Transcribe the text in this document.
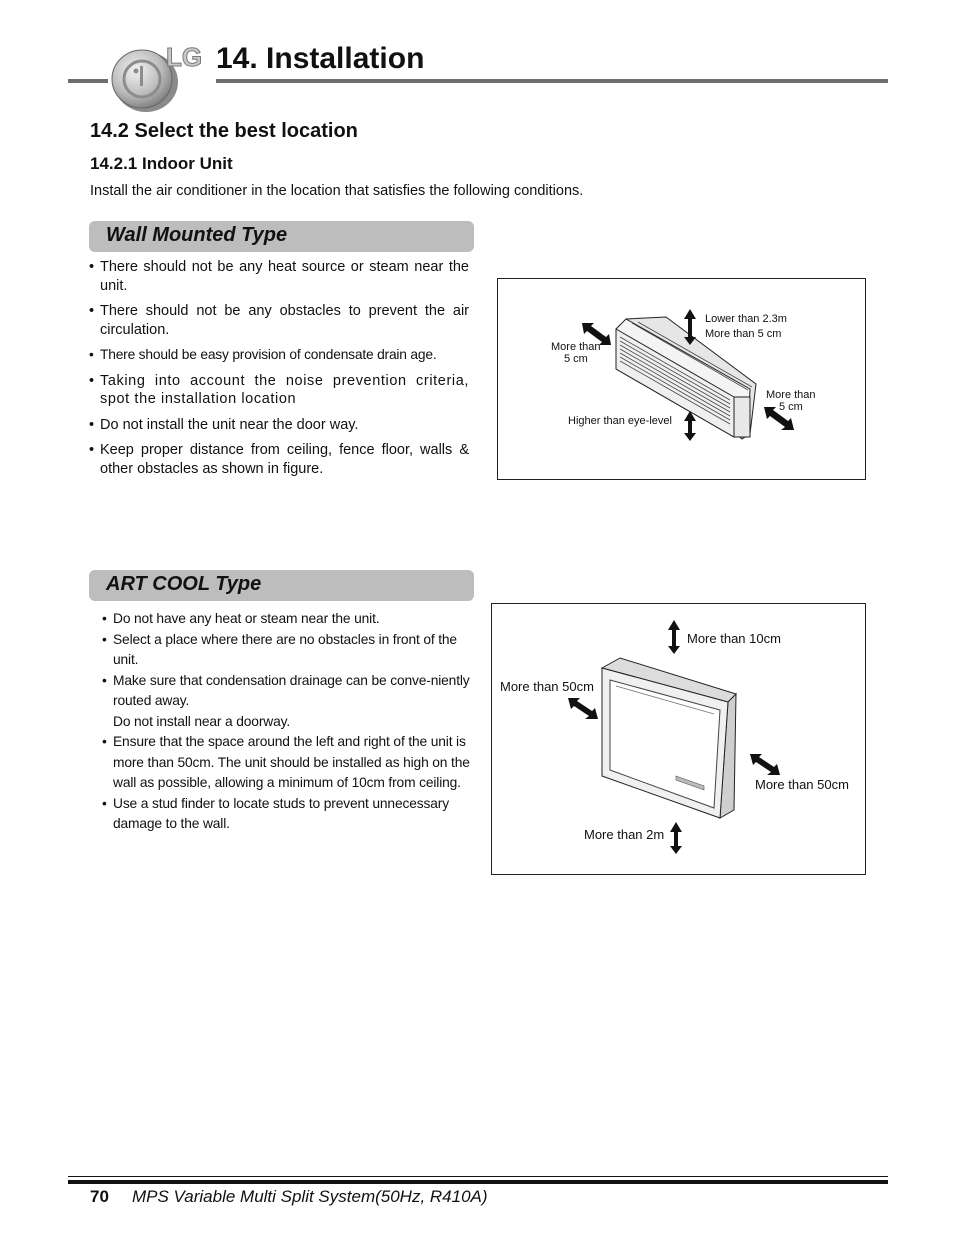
LG 14. Installation
14.2 Select the best location
14.2.1 Indoor Unit
Install the air conditioner in the location that satisfies the following conditions.
Wall Mounted Type
• There should not be any heat source or steam near the unit.
• There should not be any obstacles to prevent the air circulation.
• There should be easy provision of condensate drain age.
• Taking into account the noise prevention criteria, spot the installation location
• Do not install the unit near the door way.
• Keep proper distance from ceiling, fence floor, walls & other obstacles as shown in figure.
Lower than 2.3m
More than 5 cm
More than
5 cm
More than
5 cm
Higher than eye-level
ART COOL Type
• Do not have any heat or steam near the unit.
• Select a place where there are no obstacles in front of the unit.
• Make sure that condensation drainage can be conve-niently routed away.
Do not install near a doorway.
• Ensure that the space around the left and right of the unit is more than 50cm. The unit should be installed as high on the wall as possible, allowing a minimum of 10cm from ceiling.
• Use a stud finder to locate studs to prevent unnecessary damage to the wall.
More than 10cm
More than 50cm
More than 50cm
More than 2m
70 MPS Variable Multi Split System(50Hz, R410A)
